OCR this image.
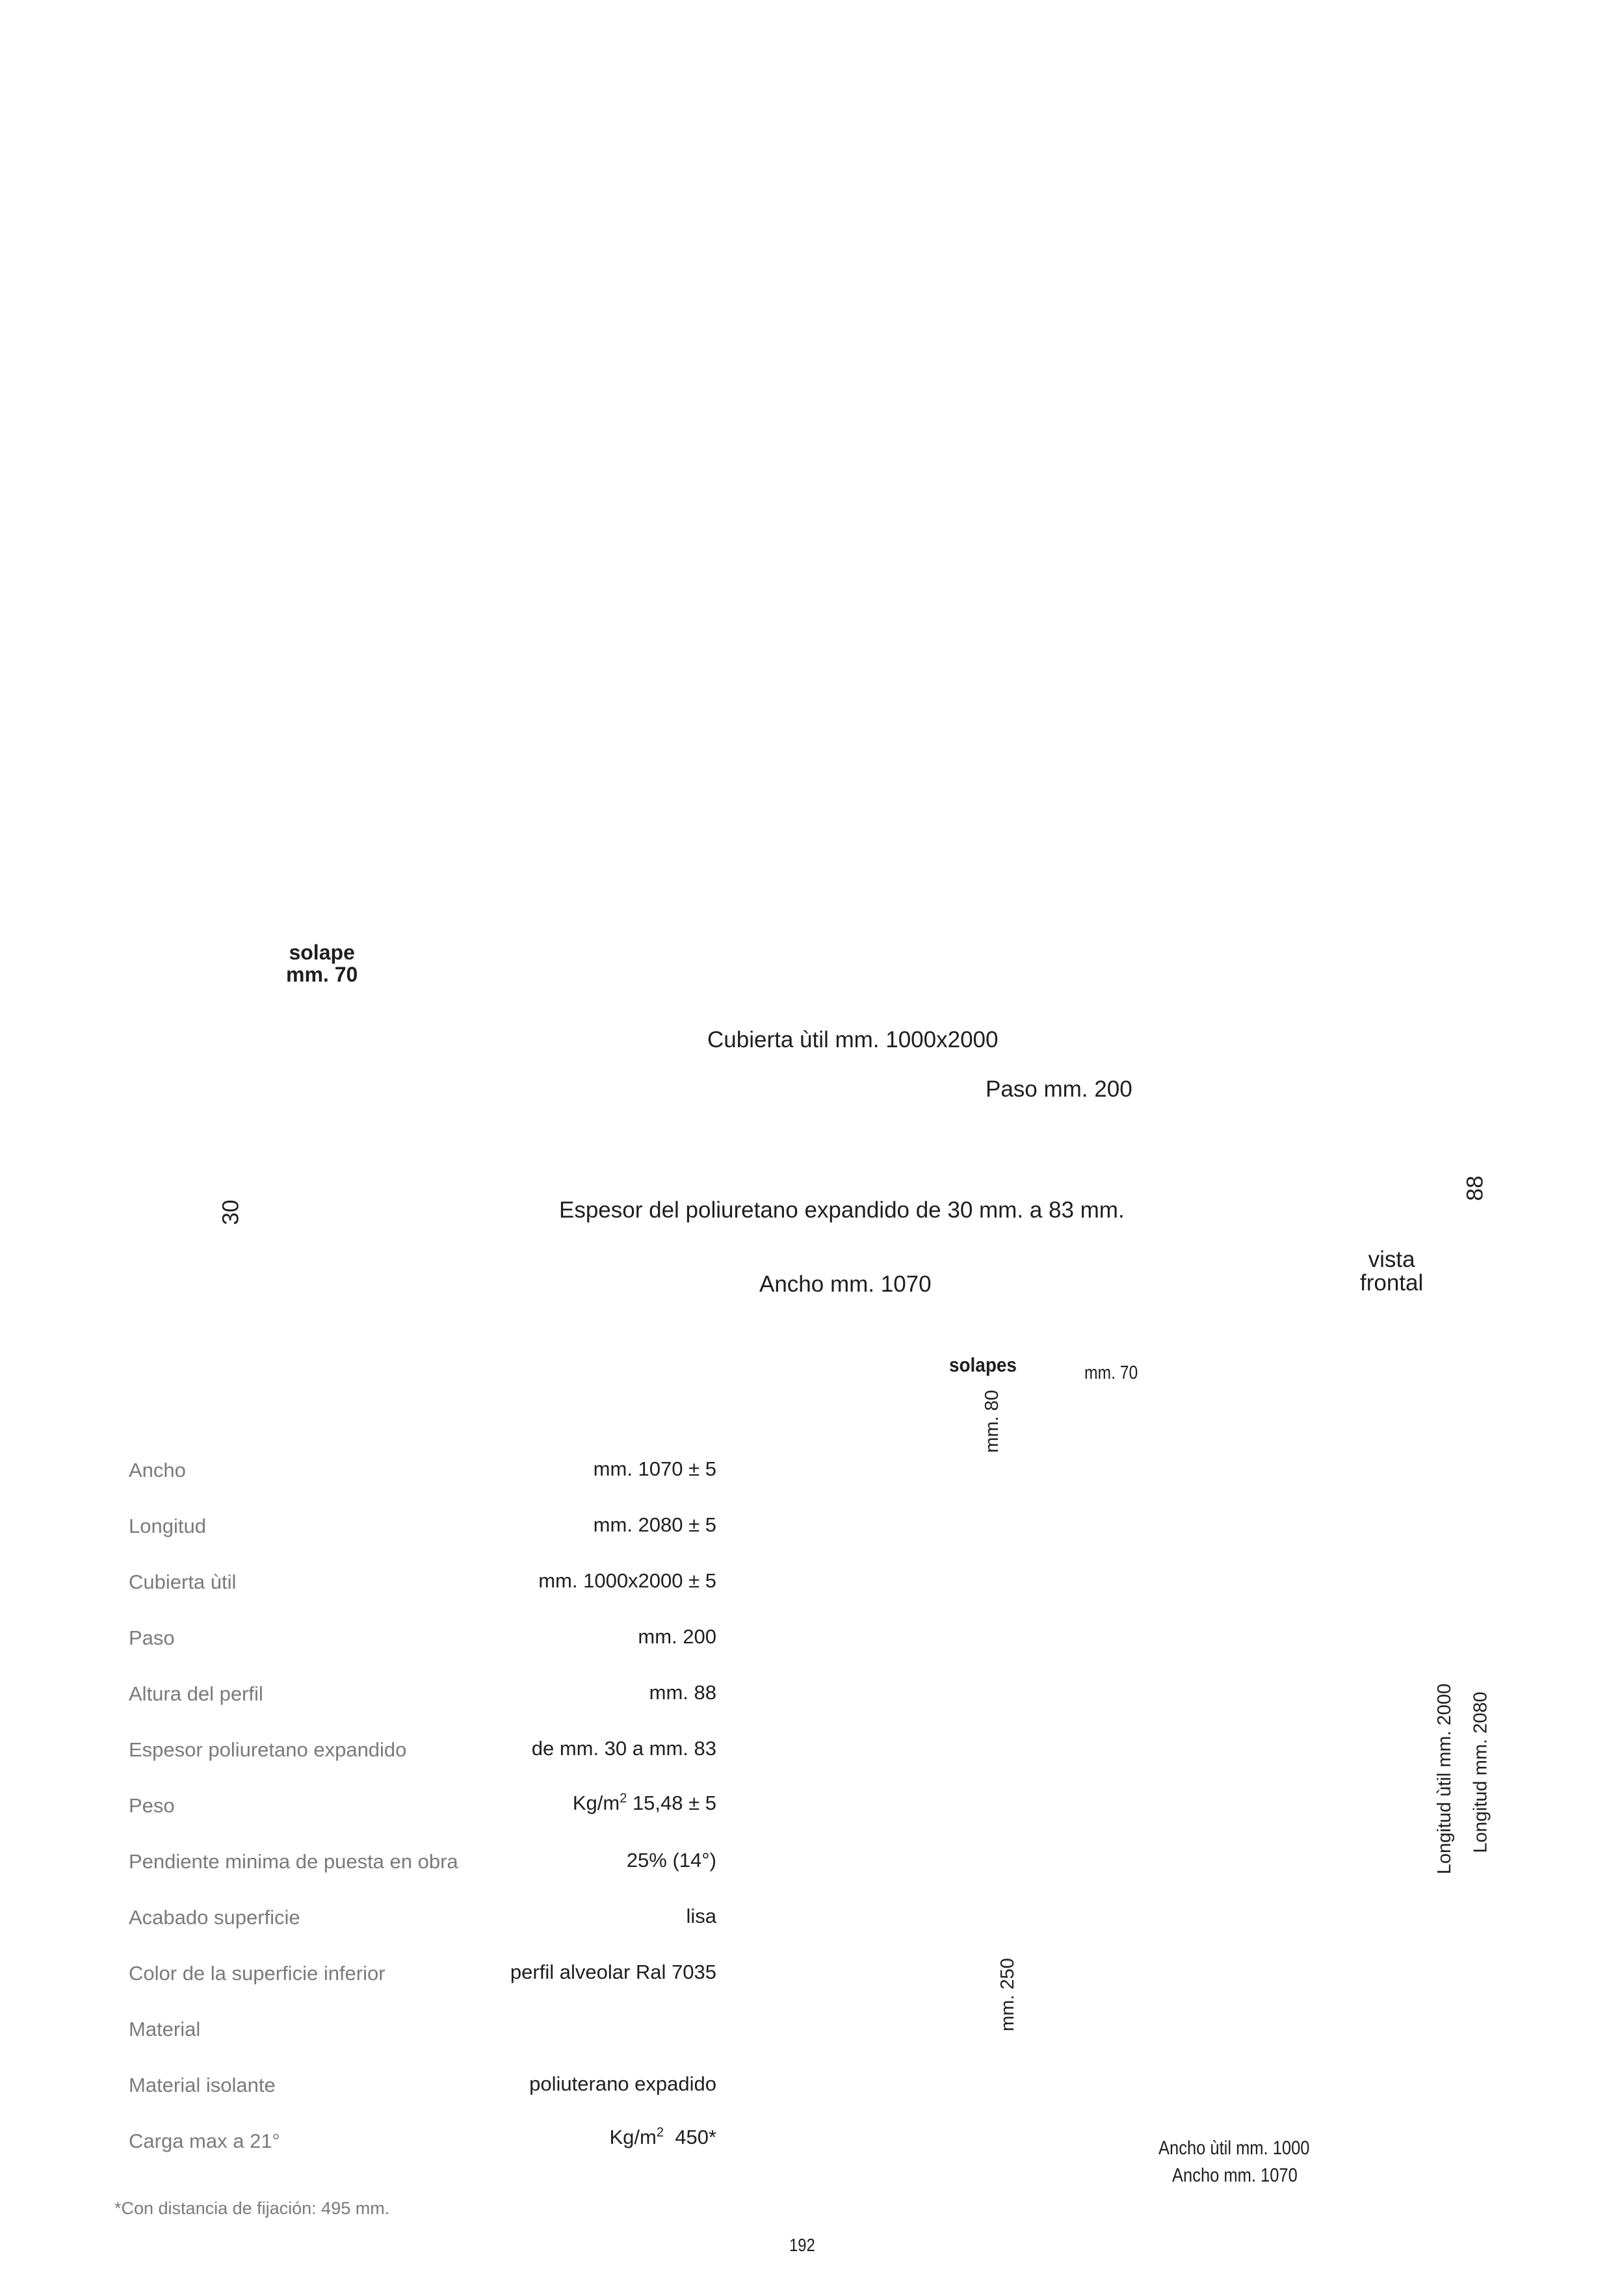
solape
mm. 70
Cubierta ùtil mm. 1000x2000
Paso mm. 200
30
88
Espesor del poliuretano expandido de 30 mm. a 83 mm.
Ancho mm. 1070
vista
frontal
solapes	mm. 70
mm. 80
mm. 250
Longitud ùtil mm. 2000 Longitud mm. 2080
Ancho ùtil mm. 1000
Ancho mm. 1070
Ancho	mm. 1070 ± 5
Longitud	mm. 2080 ± 5
Cubierta ùtil	mm. 1000x2000 ± 5
Paso	mm. 200
Altura del perfil	mm. 88
Espesor poliuretano expandido	de mm. 30 a mm. 83
Peso	$Kg/m^2$ 15,48 ± 5
Pendiente minima de puesta en obra	25% (14°)
Acabado superficie	lisa
Color de la superficie inferior	perfil alveolar Ral 7035
Material
Material isolante	poliuterano expadido
Carga max a 21°	$Kg/m^2$  450*
*Con distancia de fijación: 495 mm.
192
